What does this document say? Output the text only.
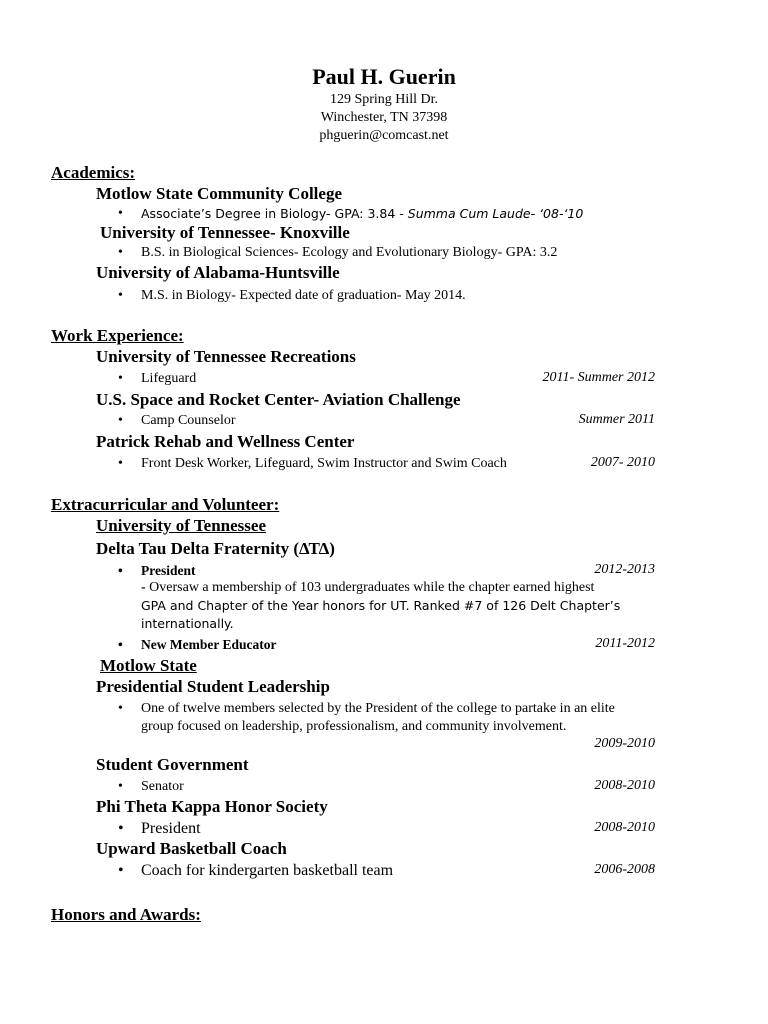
Paul H. Guerin
129 Spring Hill Dr.
Winchester, TN 37398
phguerin@comcast.net
Academics:
Motlow State Community College
• Associate’s Degree in Biology- GPA: 3.84 - Summa Cum Laude- ‘08-‘10
University of Tennessee- Knoxville
• B.S. in Biological Sciences- Ecology and Evolutionary Biology- GPA: 3.2
University of Alabama-Huntsville
• M.S. in Biology- Expected date of graduation- May 2014.
Work Experience:
University of Tennessee Recreations
• Lifeguard	2011- Summer 2012
U.S. Space and Rocket Center- Aviation Challenge
• Camp Counselor	Summer 2011
Patrick Rehab and Wellness Center
• Front Desk Worker, Lifeguard, Swim Instructor and Swim Coach	2007- 2010
Extracurricular and Volunteer:
University of Tennessee
Delta Tau Delta Fraternity (ΔΤΔ)
• President	2012-2013
- Oversaw a membership of 103 undergraduates while the chapter earned highest
GPA and Chapter of the Year honors for UT. Ranked #7 of 126 Delt Chapter’s
internationally.
• New Member Educator	2011-2012
Motlow State
Presidential Student Leadership
• One of twelve members selected by the President of the college to partake in an elite
group focused on leadership, professionalism, and community involvement.
2009-2010
Student Government
• Senator	2008-2010
Phi Theta Kappa Honor Society
• President	2008-2010
Upward Basketball Coach
• Coach for kindergarten basketball team	2006-2008
Honors and Awards:
